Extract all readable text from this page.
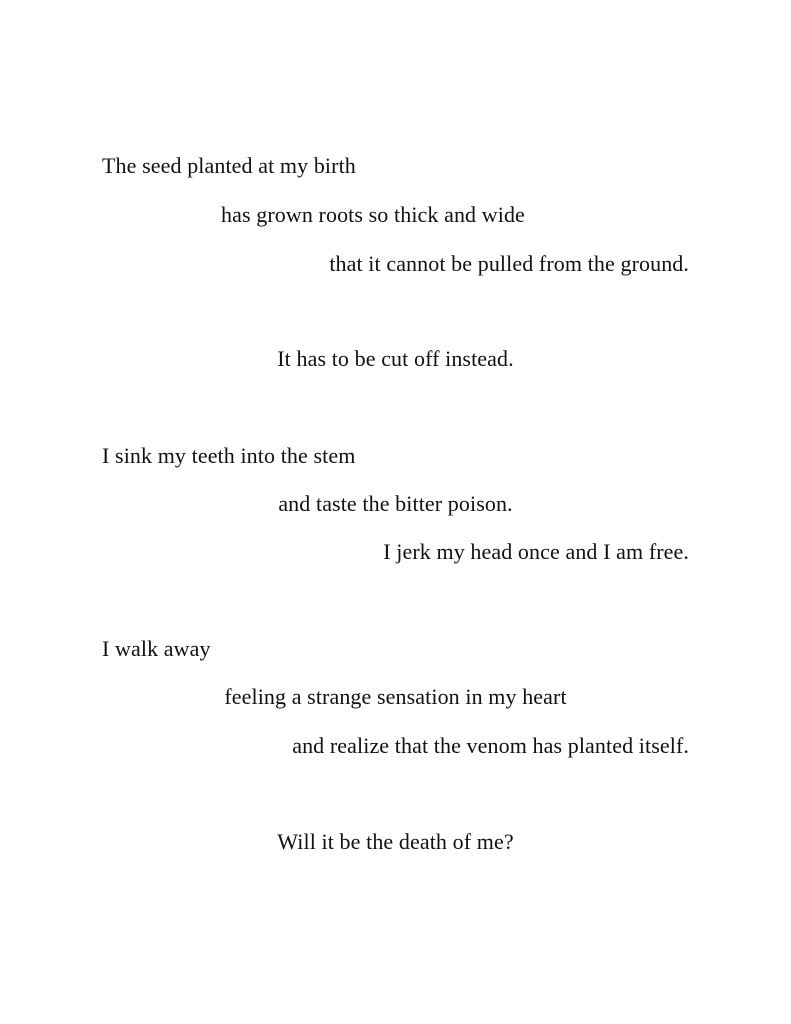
The seed planted at my birth

has grown roots so thick and wide

that it cannot be pulled from the ground.

It has to be cut off instead.

I sink my teeth into the stem

and taste the bitter poison.

I jerk my head once and I am free.

I walk away

feeling a strange sensation in my heart

and realize that the venom has planted itself.

Will it be the death of me?
